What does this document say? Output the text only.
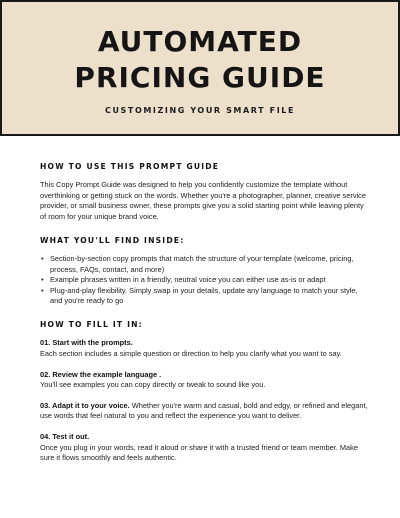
AUTOMATED
PRICING GUIDE
CUSTOMIZING YOUR SMART FILE
HOW TO USE THIS PROMPT GUIDE

This Copy Prompt Guide was designed to help you confidently customize the template without overthinking or getting stuck on the words. Whether you're a photographer, planner, creative service provider, or small business owner, these prompts give you a solid starting point while leaving plenty of room for your unique brand voice.

WHAT YOU'LL FIND INSIDE:
• Section-by-section copy prompts that match the structure of your template (welcome, pricing, process, FAQs, contact, and more)
• Example phrases written in a friendly, neutral voice you can either use as-is or adapt
• Plug-and-play flexibility. Simply swap in your details, update any language to match your style, and you're ready to go
HOW TO FILL IT IN:
01. Start with the prompts.
Each section includes a simple question or direction to help you clarify what you want to say.
02. Review the example language .
You'll see examples you can copy directly or tweak to sound like you.
03. Adapt it to your voice. Whether you're warm and casual, bold and edgy, or refined and elegant, use words that feel natural to you and reflect the experience you want to deliver.
04. Test it out.
Once you plug in your words, read it aloud or share it with a trusted friend or team member. Make sure it flows smoothly and feels authentic.
